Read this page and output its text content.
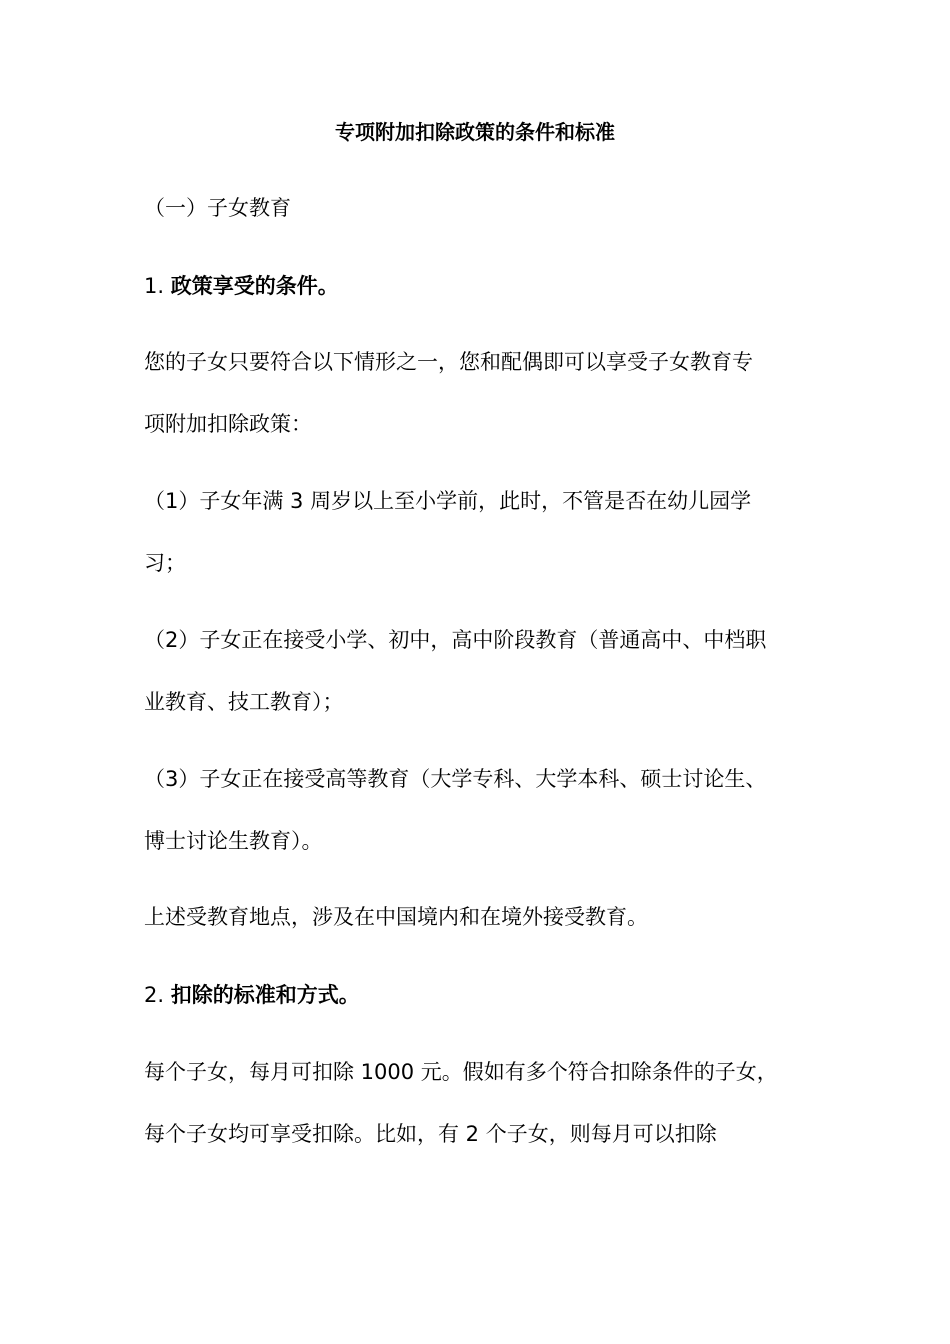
专项附加扣除政策的条件和标准
（一）子女教育
1. 政策享受的条件。
您的子女只要符合以下情形之一，您和配偶即可以享受子女教育专
项附加扣除政策：
（1）子女年满 3 周岁以上至小学前，此时，不管是否在幼儿园学
习；
（2）子女正在接受小学、初中，高中阶段教育（普通高中、中档职
业教育、技工教育）；
（3）子女正在接受高等教育（大学专科、大学本科、硕士讨论生、
博士讨论生教育）。
上述受教育地点，涉及在中国境内和在境外接受教育。
2. 扣除的标准和方式。
每个子女，每月可扣除 1000 元。假如有多个符合扣除条件的子女，
每个子女均可享受扣除。比如，有 2 个子女，则每月可以扣除
